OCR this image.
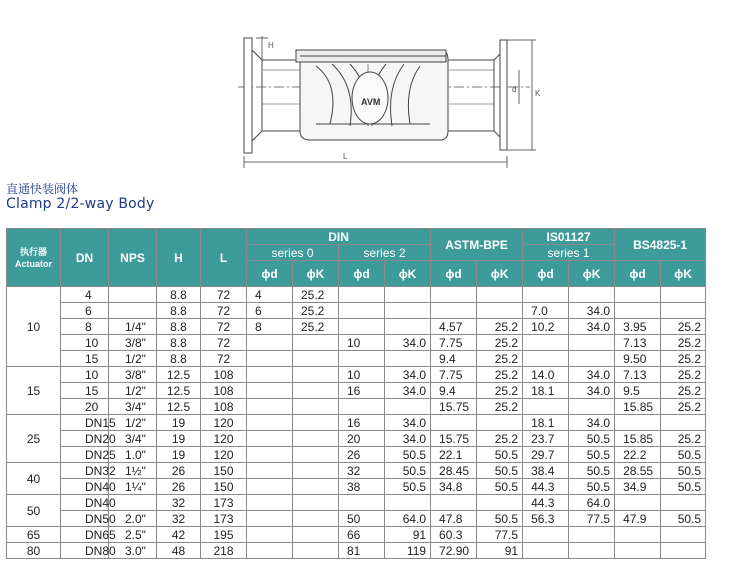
AVM
H
d K
L
直通快装阀体
Clamp 2/2-way Body
执行器
Actuator	DN	NPS	H	L	DIN				ASTM-BPE		IS01127		BS4825-1	
					series 0		series 2				series 1			
					ϕd	ϕK	ϕd	ϕK	ϕd	ϕK	ϕd	ϕK	ϕd	ϕK
10	4		8.8	72	4	25.2								
	6		8.8	72	6	25.2					7.0	34.0		
	8	1/4"	8.8	72	8	25.2			4.57	25.2	10.2	34.0	3.95	25.2
	10	3/8"	8.8	72			10	34.0	7.75	25.2			7.13	25.2
	15	1/2"	8.8	72					9.4	25.2			9.50	25.2
15	10	3/8"	12.5	108			10	34.0	7.75	25.2	14.0	34.0	7.13	25.2
	15	1/2"	12.5	108			16	34.0	9.4	25.2	18.1	34.0	9.5	25.2
	20	3/4"	12.5	108					15.75	25.2			15.85	25.2
25	DN15	1/2"	19	120			16	34.0			18.1	34.0		
	DN20	3/4"	19	120			20	34.0	15.75	25.2	23.7	50.5	15.85	25.2
	DN25	1.0"	19	120			26	50.5	22.1	50.5	29.7	50.5	22.2	50.5
40	DN32	1½"	26	150			32	50.5	28.45	50.5	38.4	50.5	28.55	50.5
	DN40	1¼"	26	150			38	50.5	34.8	50.5	44.3	50.5	34.9	50.5
50	DN40		32	173							44.3	64.0		
	DN50	2.0"	32	173			50	64.0	47.8	50.5	56.3	77.5	47.9	50.5
65	DN65	2.5"	42	195			66	91	60.3	77.5				
80	DN80	3.0"	48	218			81	119	72.90	91				
